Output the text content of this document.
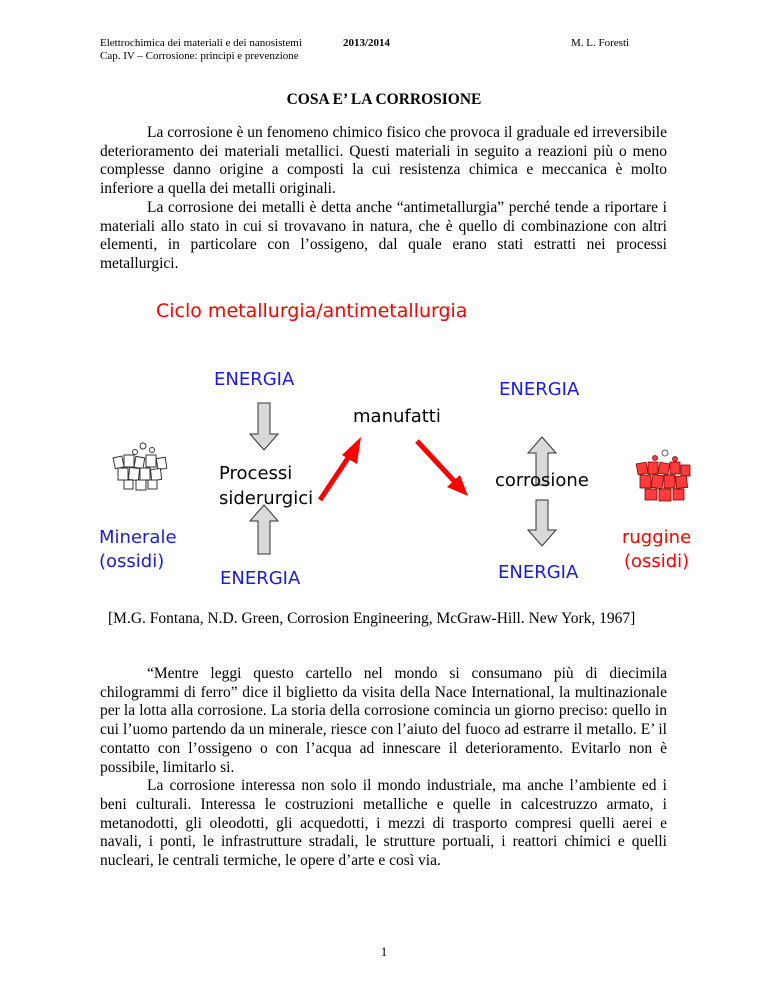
Elettrochimica dei materiali e dei nanosistemi
Cap. IV – Corrosione: principi e prevenzione
2013/2014	M. L. Foresti
COSA E’ LA CORROSIONE
La corrosione è un fenomeno chimico fisico che provoca il graduale ed irreversibile deterioramento dei materiali metallici. Questi materiali in seguito a reazioni più o meno complesse danno origine a composti la cui resistenza chimica e meccanica è molto inferiore a quella dei metalli originali.
La corrosione dei metalli è detta anche “antimetallurgia” perché tende a riportare i materiali allo stato in cui si trovavano in natura, che è quello di combinazione con altri elementi, in particolare con l’ossigeno, dal quale erano stati estratti nei processi metallurgici.
Ciclo metallurgia/antimetallurgia
ENERGIA	ENERGIA
manufatti
Processi
siderurgici
corrosione
Minerale
(ossidi)
ruggine
(ossidi)
ENERGIA	ENERGIA
[M.G. Fontana, N.D. Green, Corrosion Engineering, McGraw-Hill. New York, 1967]
“Mentre leggi questo cartello nel mondo si consumano più di diecimila chilogrammi di ferro” dice il biglietto da visita della Nace International, la multinazionale per la lotta alla corrosione. La storia della corrosione comincia un giorno preciso: quello in cui l’uomo partendo da un minerale, riesce con l’aiuto del fuoco ad estrarre il metallo. E’ il contatto con l’ossigeno o con l’acqua ad innescare il deterioramento. Evitarlo non è possibile, limitarlo si.
La corrosione interessa non solo il mondo industriale, ma anche l’ambiente ed i beni culturali. Interessa le costruzioni metalliche e quelle in calcestruzzo armato, i metanodotti, gli oleodotti, gli acquedotti, i mezzi di trasporto compresi quelli aerei e navali, i ponti, le infrastrutture stradali, le strutture portuali, i reattori chimici e quelli nucleari, le centrali termiche, le opere d’arte e così via.
1
